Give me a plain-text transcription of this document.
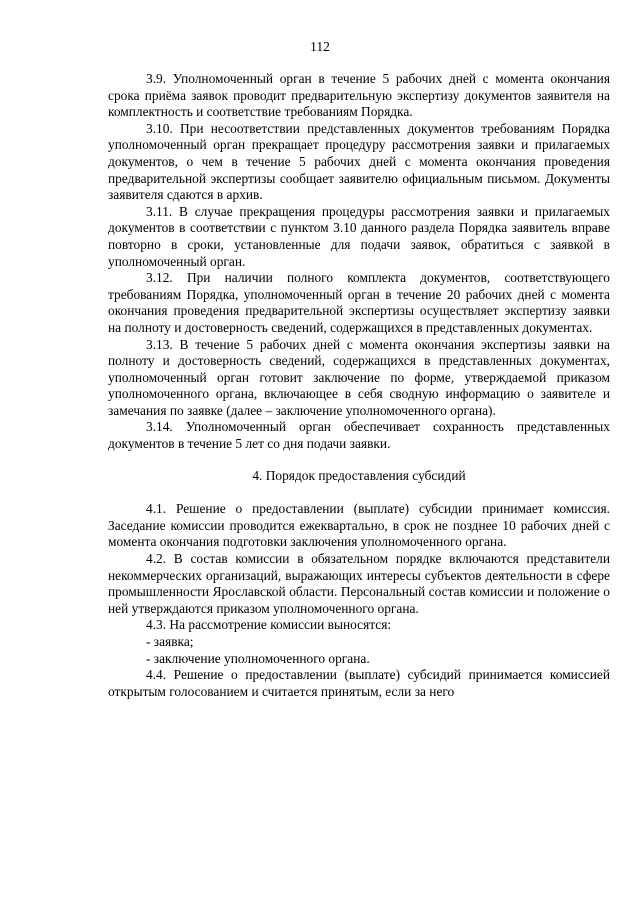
112

3.9. Уполномоченный орган в течение 5 рабочих дней с момента окончания срока приёма заявок проводит предварительную экспертизу документов заявителя на комплектность и соответствие требованиям Порядка.

3.10. При несоответствии представленных документов требованиям Порядка уполномоченный орган прекращает процедуру рассмотрения заявки и прилагаемых документов, о чем в течение 5 рабочих дней с момента окончания проведения предварительной экспертизы сообщает заявителю официальным письмом. Документы заявителя сдаются в архив.

3.11. В случае прекращения процедуры рассмотрения заявки и прилагаемых документов в соответствии с пунктом 3.10 данного раздела Порядка заявитель вправе повторно в сроки, установленные для подачи заявок, обратиться с заявкой в уполномоченный орган.

3.12. При наличии полного комплекта документов, соответствующего требованиям Порядка, уполномоченный орган в течение 20 рабочих дней с момента окончания проведения предварительной экспертизы осуществляет экспертизу заявки на полноту и достоверность сведений, содержащихся в представленных документах.

3.13. В течение 5 рабочих дней с момента окончания экспертизы заявки на полноту и достоверность сведений, содержащихся в представленных документах, уполномоченный орган готовит заключение по форме, утверждаемой приказом уполномоченного органа, включающее в себя сводную информацию о заявителе и замечания по заявке (далее – заключение уполномоченного органа).

3.14. Уполномоченный орган обеспечивает сохранность представленных документов в течение 5 лет со дня подачи заявки.

4. Порядок предоставления субсидий

4.1. Решение о предоставлении (выплате) субсидии принимает комиссия. Заседание комиссии проводится ежеквартально, в срок не позднее 10 рабочих дней с момента окончания подготовки заключения уполномоченного органа.

4.2. В состав комиссии в обязательном порядке включаются представители некоммерческих организаций, выражающих интересы субъектов деятельности в сфере промышленности Ярославской области. Персональный состав комиссии и положение о ней утверждаются приказом уполномоченного органа.

4.3. На рассмотрение комиссии выносятся:

- заявка;

- заключение уполномоченного органа.

4.4. Решение о предоставлении (выплате) субсидий принимается комиссией открытым голосованием и считается принятым, если за него
